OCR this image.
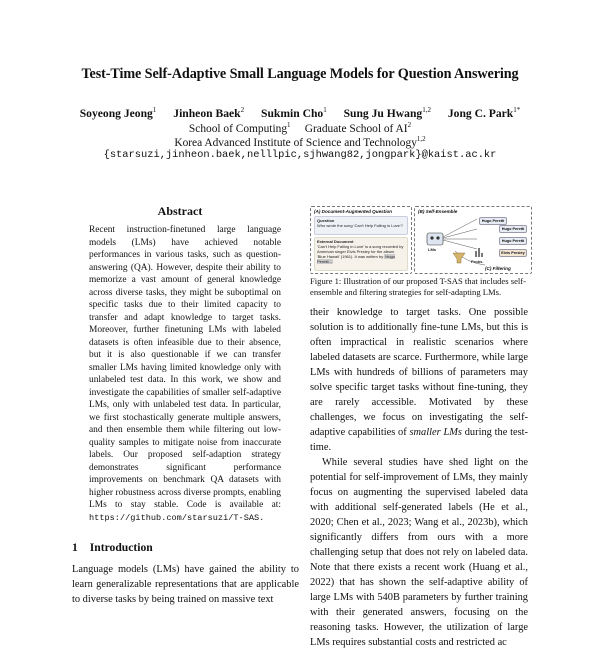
Test-Time Self-Adaptive Small Language Models for Question Answering
Soyeong Jeong$^1$ Jinheon Baek$^2$ Sukmin Cho$^1$ Sung Ju Hwang$^{1,2}$ Jong C. Park$^{1*}$
School of Computing$^1$ Graduate School of $AI^2$
Korea Advanced Institute of Science and Technology$^{1,2}$
{starsuzi,jinheon.baek,nelllpic,sjhwang82,jongpark}@kaist.ac.kr
Abstract
Recent instruction-finetuned large language models (LMs) have achieved notable performances in various tasks, such as question-answering (QA). However, despite their ability to memorize a vast amount of general knowledge across diverse tasks, they might be suboptimal on specific tasks due to their limited capacity to transfer and adapt knowledge to target tasks. Moreover, further finetuning LMs with labeled datasets is often infeasible due to their absence, but it is also questionable if we can transfer smaller LMs having limited knowledge only with unlabeled test data. In this work, we show and investigate the capabilities of smaller self-adaptive LMs, only with unlabeled test data. In particular, we first stochastically generate multiple answers, and then ensemble them while filtering out low-quality samples to mitigate noise from inaccurate labels. Our proposed self-adaption strategy demonstrates significant performance improvements on benchmark QA datasets with higher robustness across diverse prompts, enabling LMs to stay stable. Code is available at: https://github.com/starsuzi/T-SAS.
1 Introduction
Language models (LMs) have gained the ability to learn generalizable representations that are applicable to diverse tasks by being trained on massive text
(A) Document-Augmented Question
Question
Who wrote the song 'Can't Help Falling in Love'?
External Document
'Can't Help Falling in Love' is a song recorded by American singer Elvis Presley for the album 'Blue Hawaii' (1961). It was written by Hugo Peretti...
(B) Self-Ensemble
Hugo Peretti
Hugo Peretti
Hugo Peretti
Elvis Presley
LMs
Probs.
(C) Filtering
Figure 1: Illustration of our proposed T-SAS that includes self-ensemble and filtering strategies for self-adapting LMs.

their knowledge to target tasks. One possible solution is to additionally fine-tune LMs, but this is often impractical in realistic scenarios where labeled datasets are scarce. Furthermore, while large LMs with hundreds of billions of parameters may solve specific target tasks without fine-tuning, they are rarely accessible. Motivated by these challenges, we focus on investigating the self-adaptive capabilities of smaller LMs during the test-time.

While several studies have shed light on the potential for self-improvement of LMs, they mainly focus on augmenting the supervised labeled data with additional self-generated labels (He et al., 2020; Chen et al., 2023; Wang et al., 2023b), which significantly differs from ours with a more challenging setup that does not rely on labeled data. Note that there exists a recent work (Huang et al., 2022) that has shown the self-adaptive ability of large LMs with 540B parameters by further training with their generated answers, focusing on the reasoning tasks. However, the utilization of large LMs requires substantial costs and restricted ac
